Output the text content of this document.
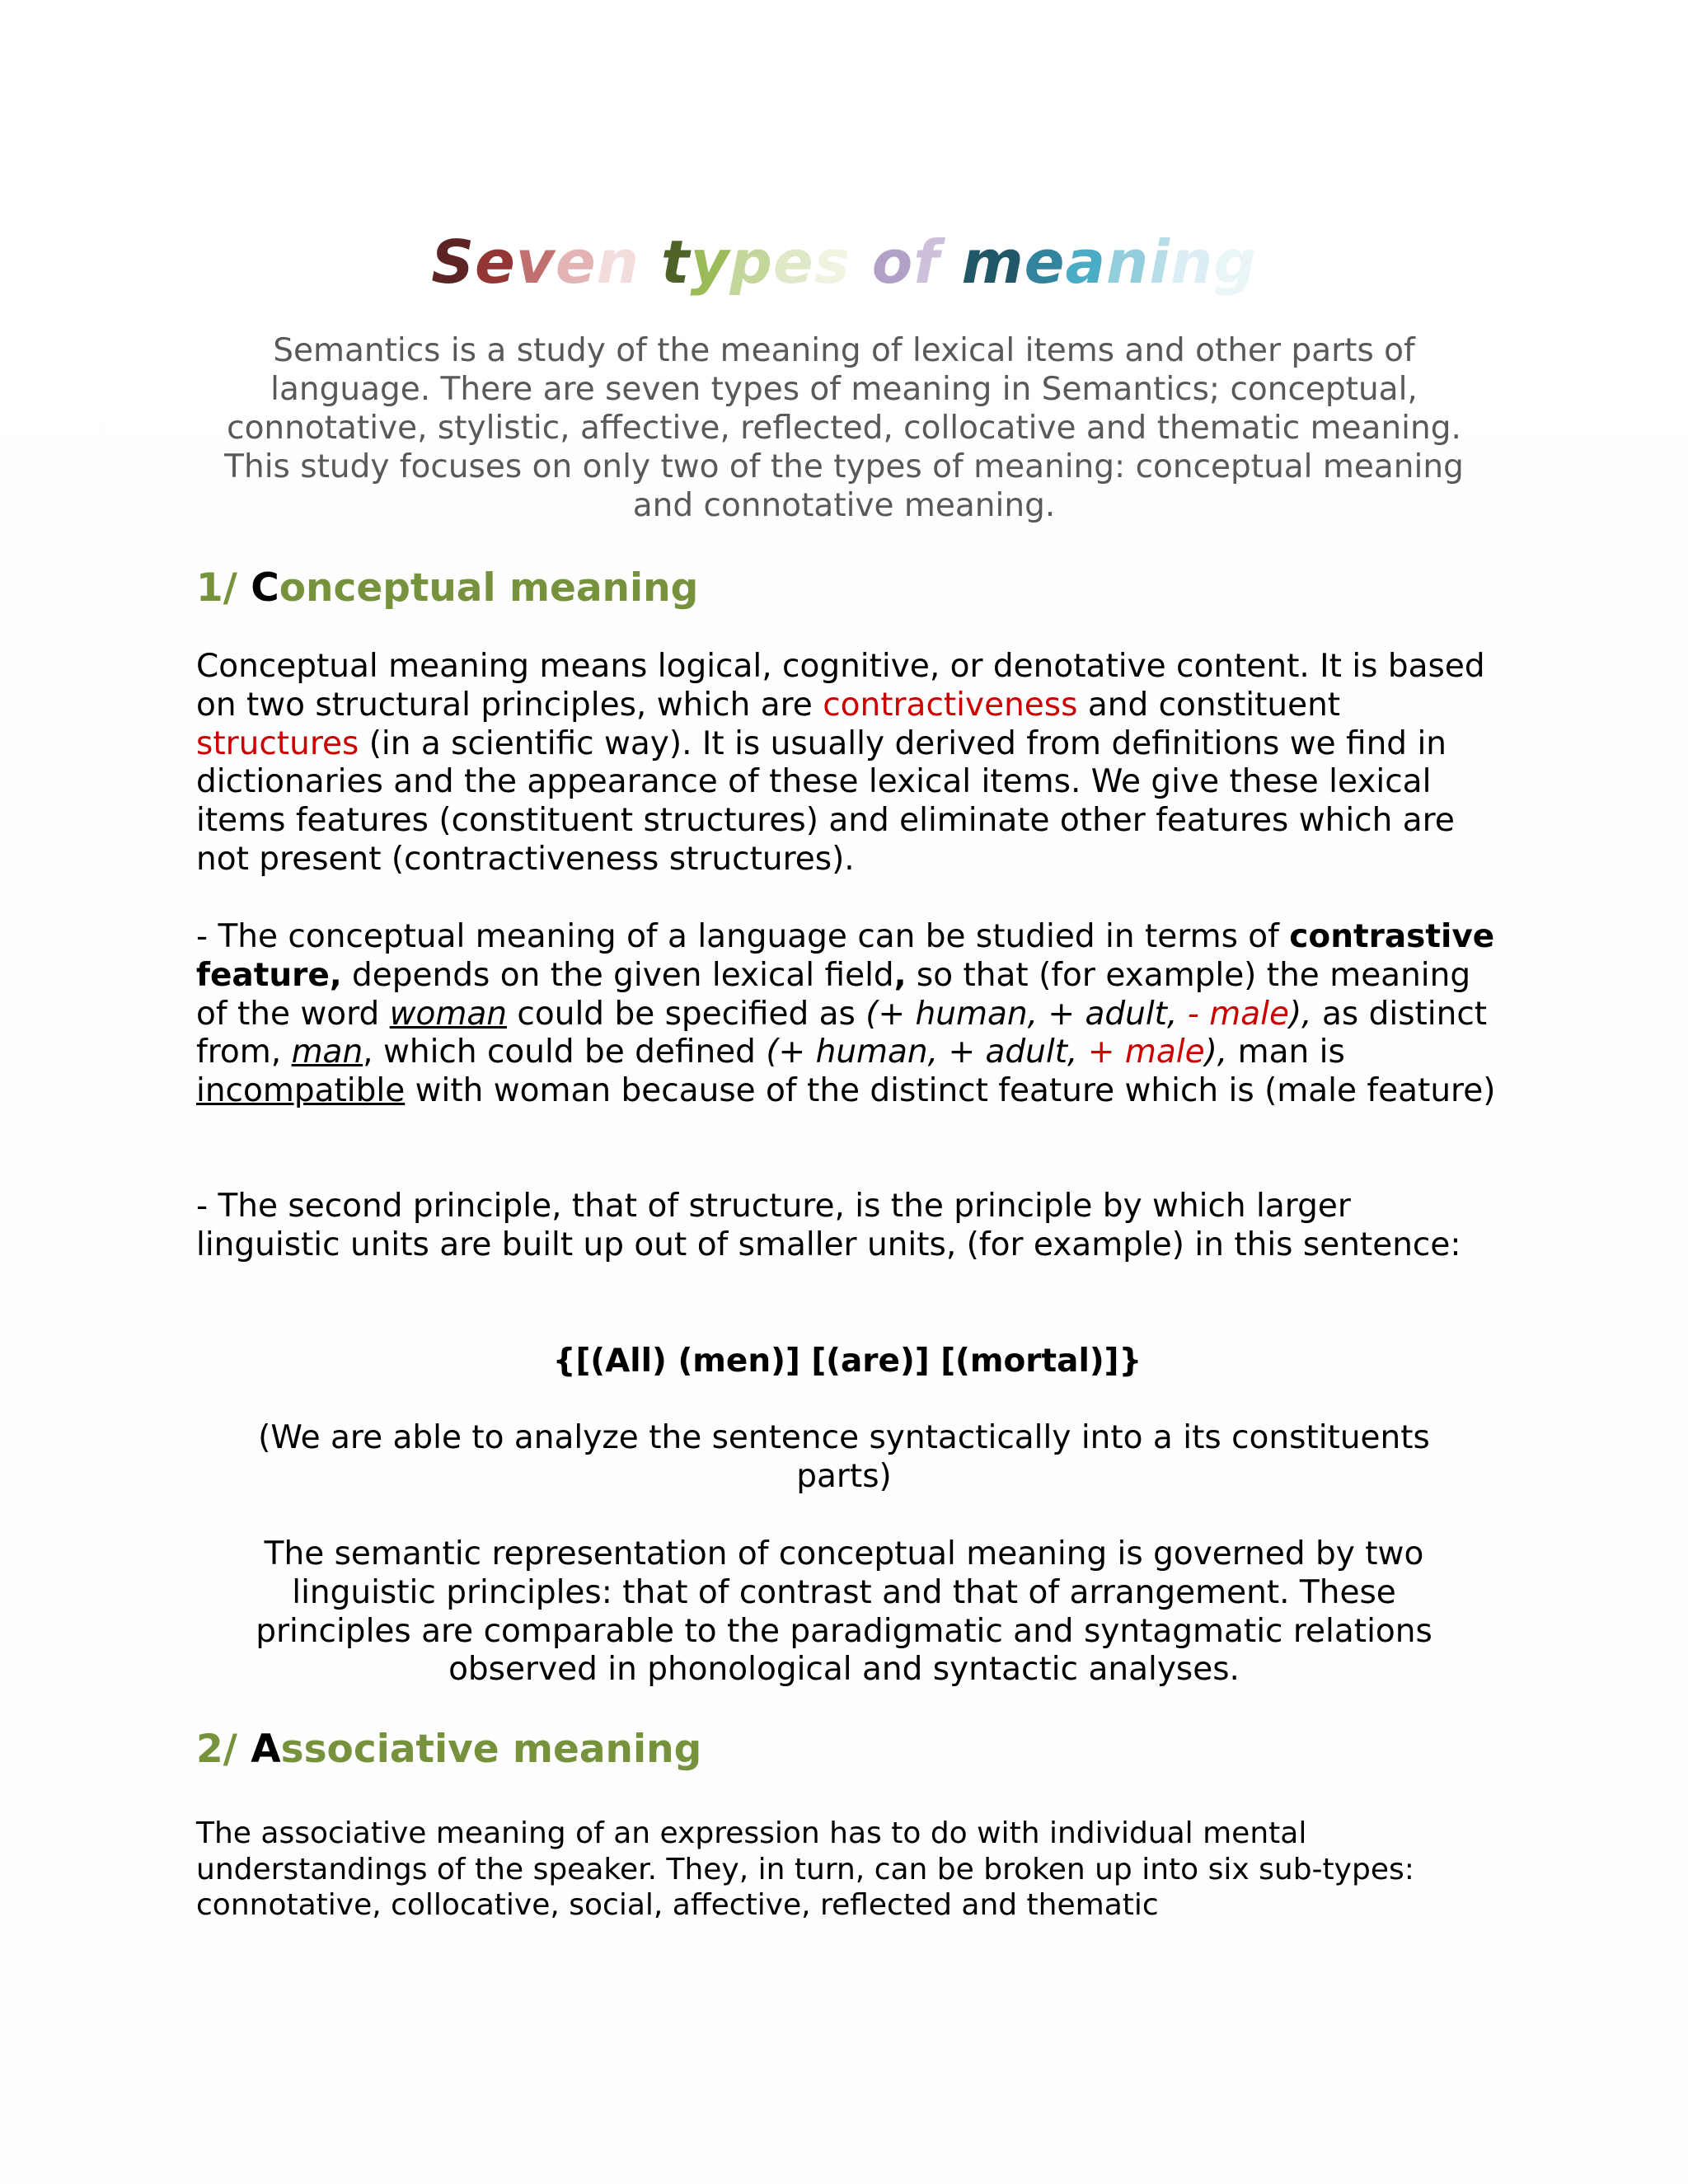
Seven types of meaning

Semantics is a study of the meaning of lexical items and other parts of language. There are seven types of meaning in Semantics; conceptual, connotative, stylistic, affective, reflected, collocative and thematic meaning. This study focuses on only two of the types of meaning: conceptual meaning and connotative meaning.

1/ Conceptual meaning

Conceptual meaning means logical, cognitive, or denotative content. It is based on two structural principles, which are contractiveness and constituent structures (in a scientific way). It is usually derived from definitions we find in dictionaries and the appearance of these lexical items. We give these lexical items features (constituent structures) and eliminate other features which are not present (contractiveness structures).

- The conceptual meaning of a language can be studied in terms of contrastive feature, depends on the given lexical field, so that (for example) the meaning of the word woman could be specified as (+ human, + adult, - male), as distinct from, man, which could be defined (+ human, + adult, + male), man is incompatible with woman because of the distinct feature which is (male feature)

- The second principle, that of structure, is the principle by which larger linguistic units are built up out of smaller units, (for example) in this sentence:

{[(All) (men)] [(are)] [(mortal)]}

(We are able to analyze the sentence syntactically into a its constituents parts)

The semantic representation of conceptual meaning is governed by two linguistic principles: that of contrast and that of arrangement. These principles are comparable to the paradigmatic and syntagmatic relations observed in phonological and syntactic analyses.

2/ Associative meaning

The associative meaning of an expression has to do with individual mental understandings of the speaker. They, in turn, can be broken up into six sub-types: connotative, collocative, social, affective, reflected and thematic
